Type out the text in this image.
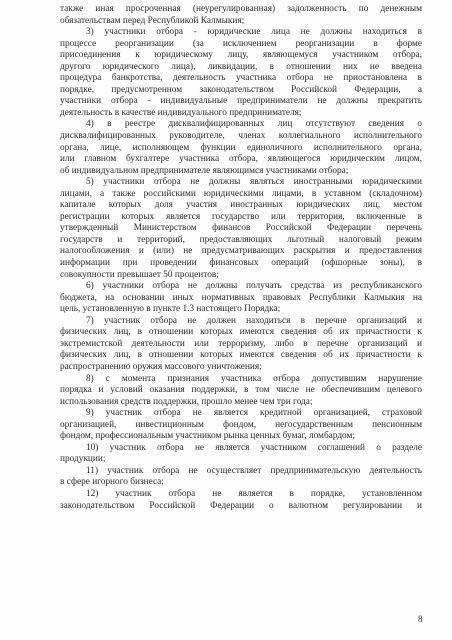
также иная просроченная (неурегулированная) задолженность по денежным
обязательствам перед Республикой Калмыкия;
3) участники отбора - юридические лица не должны находиться в
процессе реорганизации (за исключением реорганизации в форме
присоединения к юридическому лицу, являющемуся участником отбора,
другого юридического лица), ликвидации, в отношении них не введена
процедура банкротства, деятельность участника отбора не приостановлена в
порядке, предусмотренном законодательством Российской Федерации, а
участники отбора - индивидуальные предприниматели не должны прекратить
деятельность в качестве индивидуального предпринимателя;
4) в реестре дисквалифицированных лиц отсутствуют сведения о
дисквалифицированных руководителе, членах коллегиального исполнительного
органа, лице, исполняющем функции единоличного исполнительного органа,
или главном бухгалтере участника отбора, являющегося юридическим лицом,
об индивидуальном предпринимателе являющимся участниками отбора;
5) участники отбора не должны являться иностранными юридическими
лицами, а также российскими юридическими лицами, в уставном (складочном)
капитале которых доля участия иностранных юридических лиц, местом
регистрации которых является государство или территория, включенные в
утвержденный Министерством финансов Российской Федерации перечень
государств и территорий, предоставляющих льготный налоговый режим
налогообложения и (или) не предусматривающих раскрытия и предоставления
информации при проведении финансовых операций (офшорные зоны), в
совокупности превышает 50 процентов;
6) участники отбора не должны получать средства из республиканского
бюджета, на основании иных нормативных правовых Республики Калмыкия на
цель, установленную в пункте 1.3 настоящего Порядка;
7) участник отбора не должен находиться в перечне организаций и
физических лиц, в отношении которых имеются сведения об их причастности к
экстремистской деятельности или терроризму, либо в перечне организаций и
физических лиц, в отношении которых имеются сведения об их причастности к
распространению оружия массового уничтожения;
8) с момента признания участника отбора допустившим нарушение
порядка и условий оказания поддержки, в том числе не обеспечившим целевого
использования средств поддержки, прошло менее чем три года;
9) участник отбора не является кредитной организацией, страховой
организацией, инвестиционным фондом, негосударственным пенсионным
фондом, профессиональным участником рынка ценных бумаг, ломбардом;
10) участник отбора не является участником соглашений о разделе
продукции;
11) участник отбора не осуществляет предпринимательскую деятельность
в сфере игорного бизнеса;
12) участник отбора не является в порядке, установленном
законодательством Российской Федерации о валютном регулировании и
8
